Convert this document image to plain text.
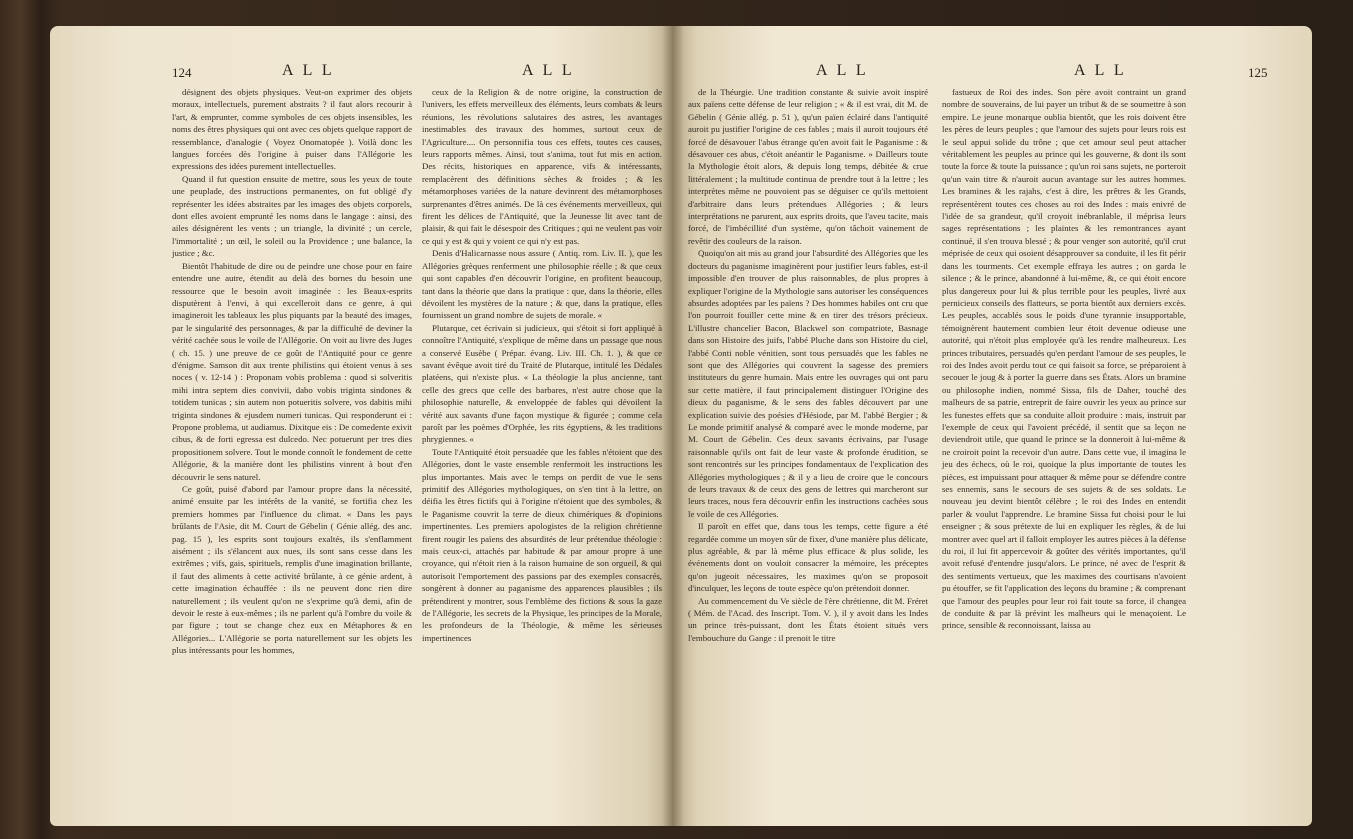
124	A L L	A L L

désignent des objets physiques. Veut-on exprimer des objets moraux, intellectuels, purement abstraits ? il faut alors recourir à l'art, & emprunter, comme symboles de ces objets insensibles, les noms des êtres physiques qui ont avec ces objets quelque rapport de ressemblance, d'analogie ( Voyez Onomatopée ). Voilà donc les langues forcées dès l'origine à puiser dans l'Allégorie les expressions des idées purement intellectuelles.

Quand il fut question ensuite de mettre, sous les yeux de toute une peuplade, des instructions permanentes, on fut obligé d'y représenter les idées abstraites par les images des objets corporels, dont elles avoient emprunté les noms dans le langage : ainsi, des ailes désignèrent les vents ; un triangle, la divinité ; un cercle, l'immortalité ; un œil, le soleil ou la Providence ; une balance, la justice ; &c.

Bientôt l'habitude de dire ou de peindre une chose pour en faire entendre une autre, étendit au delà des bornes du besoin une ressource que le besoin avoit imaginée : les Beaux-esprits disputèrent à l'envi, à qui excelleroit dans ce genre, à qui imagineroit les tableaux les plus piquants par la beauté des images, par le singularité des personnages, & par la difficulté de deviner la vérité cachée sous le voile de l'Allégorie. On voit au livre des Juges ( ch. 15. ) une preuve de ce goût de l'Antiquité pour ce genre d'énigme. Samson dit aux trente philistins qui étoient venus à ses noces ( v. 12-14 ) : Proponam vobis problema : quod si solveritis mihi intra septem dies convivii, dabo vobis triginta sindones & totidem tunicas ; sin autem non potueritis solvere, vos dabitis mihi triginta sindones & ejusdem numeri tunicas. Qui responderunt ei : Propone problema, ut audiamus. Dixitque eis : De comedente exivit cibus, & de forti egressa est dulcedo. Nec potuerunt per tres dies propositionem solvere. Tout le monde connoît le fondement de cette Allégorie, & la manière dont les philistins vinrent à bout d'en découvrir le sens naturel.

Ce goût, puisé d'abord par l'amour propre dans la nécessité, animé ensuite par les intérêts de la vanité, se fortifia chez les premiers hommes par l'influence du climat. « Dans les pays brûlants de l'Asie, dit M. Court de Gébelin ( Génie allég. des anc. pag. 15 ), les esprits sont toujours exaltés, ils s'enflamment aisément ; ils s'élancent aux nues, ils sont sans cesse dans les extrêmes ; vifs, gais, spirituels, remplis d'une imagination brillante, il faut des aliments à cette activité brûlante, à ce génie ardent, à cette imagination échauffée : ils ne peuvent donc rien dire naturellement ; ils veulent qu'on ne s'exprime qu'à demi, afin de devoir le reste à eux-mêmes ; ils ne parlent qu'à l'ombre du voile & par figure ; tout se change chez eux en Métaphores & en Allégories... L'Allégorie se porta naturellement sur les objets les plus intéressants pour les hommes,

ceux de la Religion & de notre origine, la construction de l'univers, les effets merveilleux des éléments, leurs combats & leurs réunions, les révolutions salutaires des astres, les avantages inestimables des travaux des hommes, surtout ceux de l'Agriculture.... On personnifia tous ces effets, toutes ces causes, leurs rapports mêmes. Ainsi, tout s'anima, tout fut mis en action. Des récits, historiques en apparence, vifs & intéressants, remplacèrent des définitions sèches & froides ; & les métamorphoses variées de la nature devinrent des métamorphoses surprenantes d'êtres animés. De là ces événements merveilleux, qui firent les délices de l'Antiquité, que la Jeunesse lit avec tant de plaisir, & qui fait le désespoir des Critiques ; qui ne veulent pas voir ce qui y est & qui y voient ce qui n'y est pas.

Denis d'Halicarnasse nous assure ( Antiq. rom. Liv. II. ), que les Allégories grèques renferment une philosophie réelle ; & que ceux qui sont capables d'en découvrir l'origine, en profitent beaucoup, tant dans la théorie que dans la pratique : que, dans la théorie, elles dévoilent les mystères de la nature ; & que, dans la pratique, elles fournissent un grand nombre de sujets de morale. «

Plutarque, cet écrivain si judicieux, qui s'étoit si fort appliqué à connoître l'Antiquité, s'explique de même dans un passage que nous a conservé Eusèbe ( Prépar. évang. Liv. III. Ch. 1. ), & que ce savant évêque avoit tiré du Traité de Plutarque, intitulé les Dédales platéens, qui n'existe plus. « La théologie la plus ancienne, tant celle des grecs que celle des barbares, n'est autre chose que la philosophie naturelle, & enveloppée de fables qui dévoilent la vérité aux savants d'une façon mystique & figurée ; comme cela paroît par les poèmes d'Orphée, les rits égyptiens, & les traditions phrygiennes. «

Toute l'Antiquité étoit persuadée que les fables n'étoient que des Allégories, dont le vaste ensemble renfermoit les instructions les plus importantes. Mais avec le temps on perdit de vue le sens primitif des Allégories mythologiques, on s'en tint à la lettre, on déifia les êtres fictifs qui à l'origine n'étoient que des symboles, & le Paganisme couvrit la terre de dieux chimériques & d'opinions impertinentes. Les premiers apologistes de la religion chrétienne firent rougir les païens des absurdités de leur prétendue théologie : mais ceux-ci, attachés par habitude & par amour propre à une croyance, qui n'étoit rien à la raison humaine de son orgueil, & qui autorisoit l'emportement des passions par des exemples consacrés, songèrent à donner au paganisme des apparences plausibles ; ils prétendirent y montrer, sous l'emblème des fictions & sous la gaze de l'Allégorie, les secrets de la Physique, les principes de la Morale, les profondeurs de la Théologie, & même les sérieuses impertinences

A L L	A L L	125

de la Théurgie. Une tradition constante & suivie avoit inspiré aux païens cette défense de leur religion ; « & il est vrai, dit M. de Gébelin ( Génie allég. p. 51 ), qu'un païen éclairé dans l'antiquité auroit pu justifier l'origine de ces fables ; mais il auroit toujours été forcé de désavouer l'abus étrange qu'en avoit fait le Paganisme : & désavouer ces abus, c'étoit anéantir le Paganisme. » Dailleurs toute la Mythologie étoit alors, & depuis long temps, débitée & crue littéralement ; la multitude continua de prendre tout à la lettre ; les interprètes même ne pouvoient pas se déguiser ce qu'ils mettoient d'arbitraire dans leurs prétendues Allégories ; & leurs interprétations ne parurent, aux esprits droits, que l'aveu tacite, mais forcé, de l'imbécillité d'un système, qu'on tâchoit vainement de revêtir des couleurs de la raison.

Quoiqu'on ait mis au grand jour l'absurdité des Allégories que les docteurs du paganisme imaginèrent pour justifier leurs fables, est-il impossible d'en trouver de plus raisonnables, de plus propres à expliquer l'origine de la Mythologie sans autoriser les conséquences absurdes adoptées par les païens ? Des hommes habiles ont cru que l'on pourroit fouiller cette mine & en tirer des trésors précieux. L'illustre chancelier Bacon, Blackwel son compatriote, Basnage dans son Histoire des juifs, l'abbé Pluche dans son Histoire du ciel, l'abbé Conti noble vénitien, sont tous persuadés que les fables ne sont que des Allégories qui couvrent la sagesse des premiers instituteurs du genre humain. Mais entre les ouvrages qui ont paru sur cette matière, il faut principalement distinguer l'Origine des dieux du paganisme, & le sens des fables découvert par une explication suivie des poésies d'Hésiode, par M. l'abbé Bergier ; & Le monde primitif analysé & comparé avec le monde moderne, par M. Court de Gébelin. Ces deux savants écrivains, par l'usage raisonnable qu'ils ont fait de leur vaste & profonde érudition, se sont rencontrés sur les principes fondamentaux de l'explication des Allégories mythologiques ; & il y a lieu de croire que le concours de leurs travaux & de ceux des gens de lettres qui marcheront sur leurs traces, nous fera découvrir enfin les instructions cachées sous le voile de ces Allégories.

Il paroît en effet que, dans tous les temps, cette figure a été regardée comme un moyen sûr de fixer, d'une manière plus délicate, plus agréable, & par là même plus efficace & plus solide, les événements dont on vouloit consacrer la mémoire, les préceptes qu'on jugeoit nécessaires, les maximes qu'on se proposoit d'inculquer, les leçons de toute espèce qu'on prétendoit donner.

Au commencement du Ve siècle de l'ère chrétienne, dit M. Fréret ( Mém. de l'Acad. des Inscript. Tom. V. ), il y avoit dans les Indes un prince très-puissant, dont les États étoient situés vers l'embouchure du Gange : il prenoit le titre

fastueux de Roi des indes. Son père avoit contraint un grand nombre de souverains, de lui payer un tribut & de se soumettre à son empire. Le jeune monarque oublia bientôt, que les rois doivent être les pères de leurs peuples ; que l'amour des sujets pour leurs rois est le seul appui solide du trône ; que cet amour seul peut attacher véritablement les peuples au prince qui les gouverne, & dont ils sont toute la force & toute la puissance ; qu'un roi sans sujets, ne porteroit qu'un vain titre & n'auroit aucun avantage sur les autres hommes. Les bramines & les rajahs, c'est à dire, les prêtres & les Grands, représentèrent toutes ces choses au roi des Indes : mais enivré de l'idée de sa grandeur, qu'il croyoit inébranlable, il méprisa leurs sages représentations ; les plaintes & les remontrances ayant continué, il s'en trouva blessé ; & pour venger son autorité, qu'il crut méprisée de ceux qui osoient désapprouver sa conduite, il les fit périr dans les tourments. Cet exemple effraya les autres ; on garda le silence ; & le prince, abandonné à lui-même, &, ce qui étoit encore plus dangereux pour lui & plus terrible pour les peuples, livré aux pernicieux conseils des flatteurs, se porta bientôt aux derniers excès. Les peuples, accablés sous le poids d'une tyrannie insupportable, témoignèrent hautement combien leur étoit devenue odieuse une autorité, qui n'étoit plus employée qu'à les rendre malheureux. Les princes tributaires, persuadés qu'en perdant l'amour de ses peuples, le roi des Indes avoit perdu tout ce qui faisoit sa force, se préparoient à secouer le joug & à porter la guerre dans ses États. Alors un bramine ou philosophe indien, nommé Sissa, fils de Daher, touché des malheurs de sa patrie, entreprit de faire ouvrir les yeux au prince sur les funestes effets que sa conduite alloit produire : mais, instruit par l'exemple de ceux qui l'avoient précédé, il sentit que sa leçon ne deviendroit utile, que quand le prince se la donneroit à lui-même & ne croiroit point la recevoir d'un autre. Dans cette vue, il imagina le jeu des échecs, où le roi, quoique la plus importante de toutes les pièces, est impuissant pour attaquer & même pour se défendre contre ses ennemis, sans le secours de ses sujets & de ses soldats. Le nouveau jeu devint bientôt célèbre ; le roi des Indes en entendit parler & voulut l'apprendre. Le bramine Sissa fut choisi pour le lui enseigner ; & sous prétexte de lui en expliquer les règles, & de lui montrer avec quel art il falloit employer les autres pièces à la défense du roi, il lui fit appercevoir & goûter des vérités importantes, qu'il avoit refusé d'entendre jusqu'alors. Le prince, né avec de l'esprit & des sentiments vertueux, que les maximes des courtisans n'avoient pu étouffer, se fit l'application des leçons du bramine ; & comprenant que l'amour des peuples pour leur roi fait toute sa force, il changea de conduite & par là prévint les malheurs qui le menaçoient. Le prince, sensible & reconnoissant, laissa au
